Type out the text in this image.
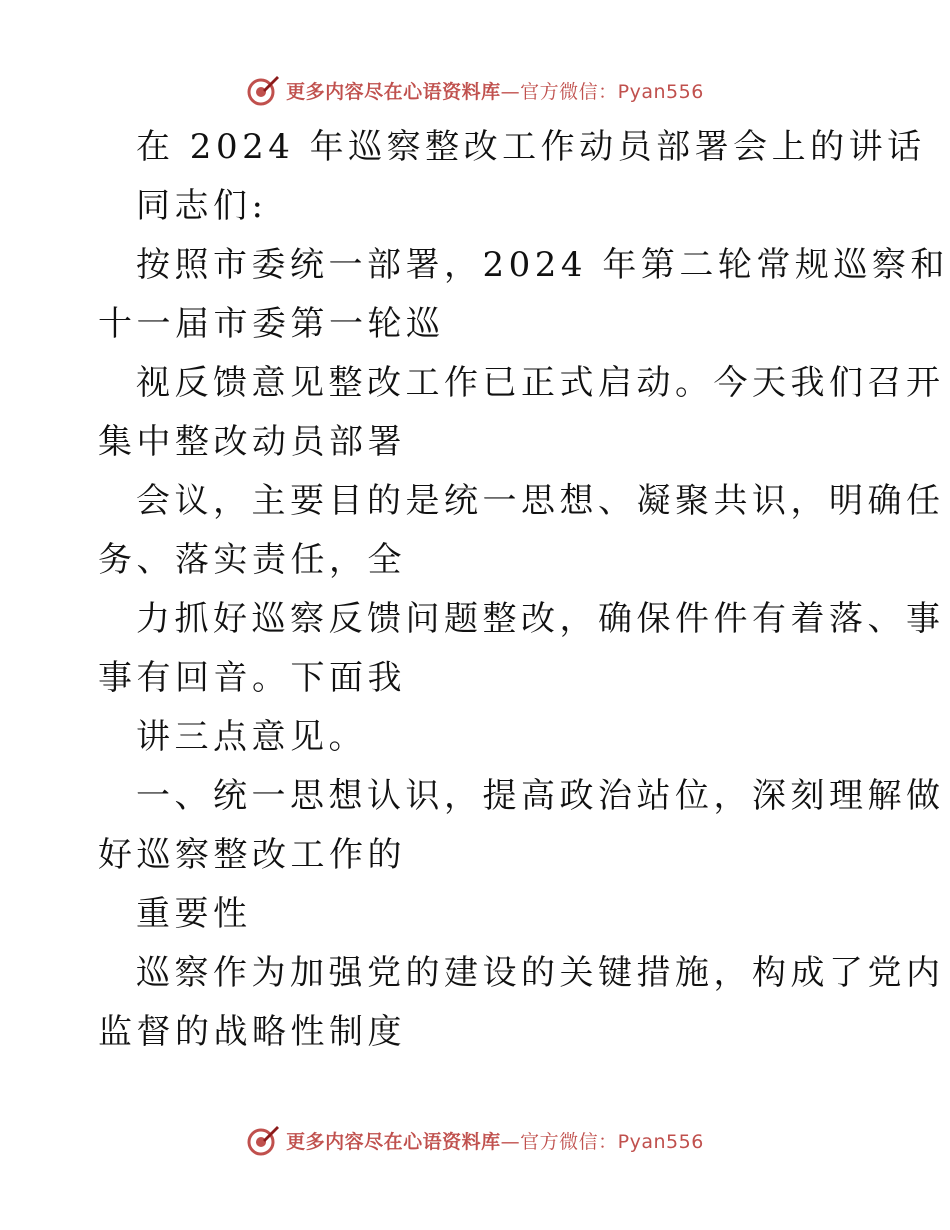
更多内容尽在心语资料库—官方微信：Pyan556
在 2024 年巡察整改工作动员部署会上的讲话
同志们:
按照市委统一部署，2024 年第二轮常规巡察和
十一届市委第一轮巡
视反馈意见整改工作已正式启动。今天我们召开
集中整改动员部署
会议，主要目的是统一思想、凝聚共识，明确任
务、落实责任，全
力抓好巡察反馈问题整改，确保件件有着落、事
事有回音。下面我
讲三点意见。
一、统一思想认识，提高政治站位，深刻理解做
好巡察整改工作的
重要性
巡察作为加强党的建设的关键措施，构成了党内
监督的战略性制度
更多内容尽在心语资料库—官方微信：Pyan556
